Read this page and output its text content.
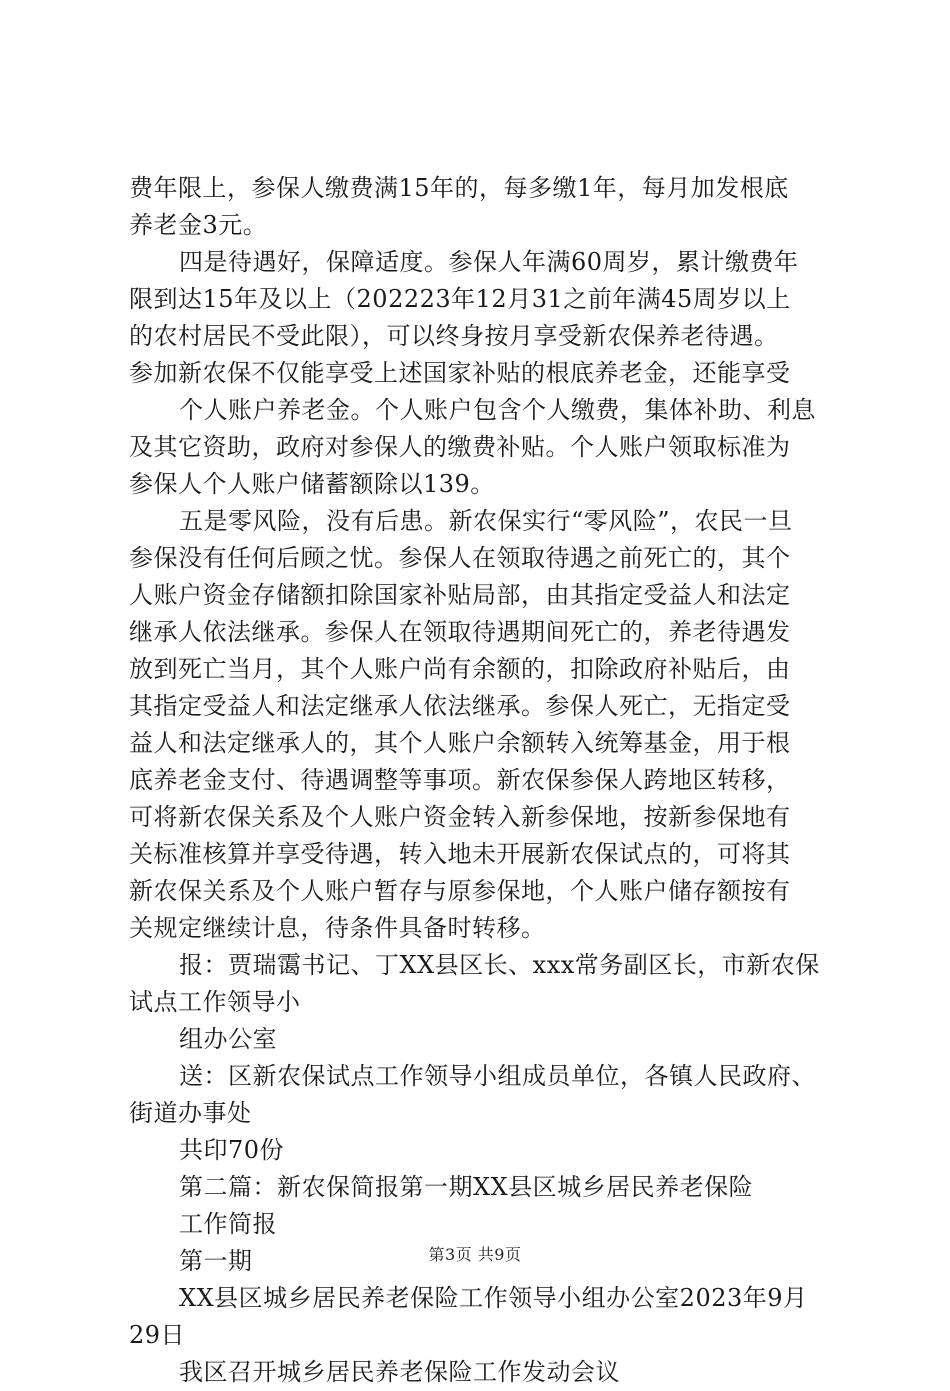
费年限上，参保人缴费满15年的，每多缴1年，每月加发根底
养老金3元。
四是待遇好，保障适度。参保人年满60周岁，累计缴费年
限到达15年及以上（202223年12月31之前年满45周岁以上
的农村居民不受此限），可以终身按月享受新农保养老待遇。
参加新农保不仅能享受上述国家补贴的根底养老金，还能享受
个人账户养老金。个人账户包含个人缴费，集体补助、利息
及其它资助，政府对参保人的缴费补贴。个人账户领取标准为
参保人个人账户储蓄额除以139。
五是零风险，没有后患。新农保实行“零风险”，农民一旦
参保没有任何后顾之忧。参保人在领取待遇之前死亡的，其个
人账户资金存储额扣除国家补贴局部，由其指定受益人和法定
继承人依法继承。参保人在领取待遇期间死亡的，养老待遇发
放到死亡当月，其个人账户尚有余额的，扣除政府补贴后，由
其指定受益人和法定继承人依法继承。参保人死亡，无指定受
益人和法定继承人的，其个人账户余额转入统筹基金，用于根
底养老金支付、待遇调整等事项。新农保参保人跨地区转移，
可将新农保关系及个人账户资金转入新参保地，按新参保地有
关标准核算并享受待遇，转入地未开展新农保试点的，可将其
新农保关系及个人账户暂存与原参保地，个人账户储存额按有
关规定继续计息，待条件具备时转移。
报：贾瑞霭书记、丁XX县区长、xxx常务副区长，市新农保
试点工作领导小
组办公室
送：区新农保试点工作领导小组成员单位，各镇人民政府、
街道办事处
共印70份
第二篇：新农保简报第一期XX县区城乡居民养老保险
工作简报
第一期
XX县区城乡居民养老保险工作领导小组办公室2023年9月
29日
我区召开城乡居民养老保险工作发动会议
第3页 共9页
